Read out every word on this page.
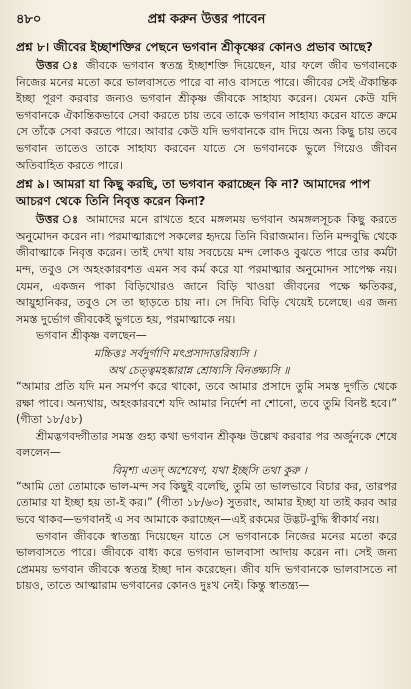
৪৮০	প্রশ্ন করুন উত্তর পাবেন
প্রশ্ন ৮। জীবের ইচ্ছাশক্তির পেছনে ভগবান শ্রীকৃষ্ণের কোনও প্রভাব আছে?

উত্তর ঃ জীবকে ভগবান স্বতন্ত্র ইচ্ছাশক্তি দিয়েছেন, যার ফলে জীব ভগবানকে নিজের মনের মতো করে ভালবাসতে পারে বা নাও বাসতে পারে। জীবের সেই ঐকান্তিক ইচ্ছা পূরণ করবার জন্যও ভগবান শ্রীকৃষ্ণ জীবকে সাহায্য করেন। যেমন কেউ যদি ভগবানকে ঐকান্তিকভাবে সেবা করতে চায় তবে তাকে ভগবান সাহায্য করেন যাতে ক্রমে সে তাঁকে সেবা করতে পারে। আবার কেউ যদি ভগবানকে বাদ দিয়ে অন্য কিছু চায় তবে ভগবান তাতেও তাকে সাহায্য করবেন যাতে সে ভগবানকে ভুলে গিয়েও জীবন অতিবাহিত করতে পারে।

প্রশ্ন ৯। আমরা যা কিছু করছি, তা ভগবান করাচ্ছেন কি না? আমাদের পাপ আচরণ থেকে তিনি নিবৃত্ত করেন কিনা?

উত্তর ঃ আমাদের মনে রাখতে হবে মঙ্গলময় ভগবান অমঙ্গলসূচক কিছু করতে অনুমোদন করেন না। পরমাত্মারূপে সকলের হৃদয়ে তিনি বিরাজমান। তিনি মন্দবুদ্ধি থেকে জীবাত্মাকে নিবৃত্ত করেন। তাই দেখা যায় সবচেয়ে মন্দ লোকও বুঝতে পারে তার কর্মটা মন্দ, তবুও সে অহংকারবশত এমন সব কর্ম করে যা পরমাত্মার অনুমোদন সাপেক্ষ নয়। যেমন, একজন পাকা বিড়িখোরও জানে বিড়ি খাওয়া জীবনের পক্ষে ক্ষতিকর, আয়ুহানিকর, তবুও সে তা ছাড়তে চায় না। সে দিব্যি বিড়ি খেয়েই চলেছে। এর জন্য সমস্ত দুর্ভোগ জীবকেই ভুগতে হয়, পরমাত্মাকে নয়।

ভগবান শ্রীকৃষ্ণ বলছেন—

মচ্চিত্তঃ সর্বদুর্গাণি মৎপ্রসাদাত্তরিষ্যসি ।

অথ চেত্ত্বমহঙ্কারান্ন শ্রোষ্যসি বিনঙ্ক্ষ্যসি ॥

“আমার প্রতি যদি মন সমর্পণ করে থাকো, তবে আমার প্রসাদে তুমি সমস্ত দুর্গতি থেকে রক্ষা পাবে। অন্যথায়, অহংকারবশে যদি আমার নির্দেশ না শোনো, তবে তুমি বিনষ্ট হবে।” (গীতা ১৮/৫৮)

শ্রীমদ্ভগবদ্গীতার সমস্ত গুহ্য কথা ভগবান শ্রীকৃষ্ণ উল্লেখ করবার পর অর্জুনকে শেষে বললেন—

বিমৃশ্য এতদ্ অশেষেণ, যথা ইচ্ছসি তথা কুরু ।

“আমি তো তোমাকে ভাল-মন্দ সব কিছুই বলেছি, তুমি তা ভালভাবে বিচার কর, তারপর তোমার যা ইচ্ছা হয় তা-ই কর।” (গীতা ১৮/৬৩) সুতরাং, আমার ইচ্ছা যা তাই করব আর ভবে থাকব—ভগবানই এ সব আমাকে করাচ্ছেন—এই রকমের উদ্ভট-বুদ্ধি স্বীকার্য নয়।

ভগবান জীবকে স্বাতন্ত্র্য দিয়েছেন যাতে সে ভগবানকে নিজের মনের মতো করে ভালবাসতে পারে। জীবকে বাধ্য করে ভগবান ভালবাসা আদায় করেন না। সেই জন্য প্রেমময় ভগবান জীবকে স্বতন্ত্র ইচ্ছা দান করেছেন। জীব যদি ভগবানকে ভালবাসতে না চায়ও, তাতে আত্মারাম ভগবানের কোনও দুঃখ নেই। কিন্তু স্বাতন্ত্র্য—
